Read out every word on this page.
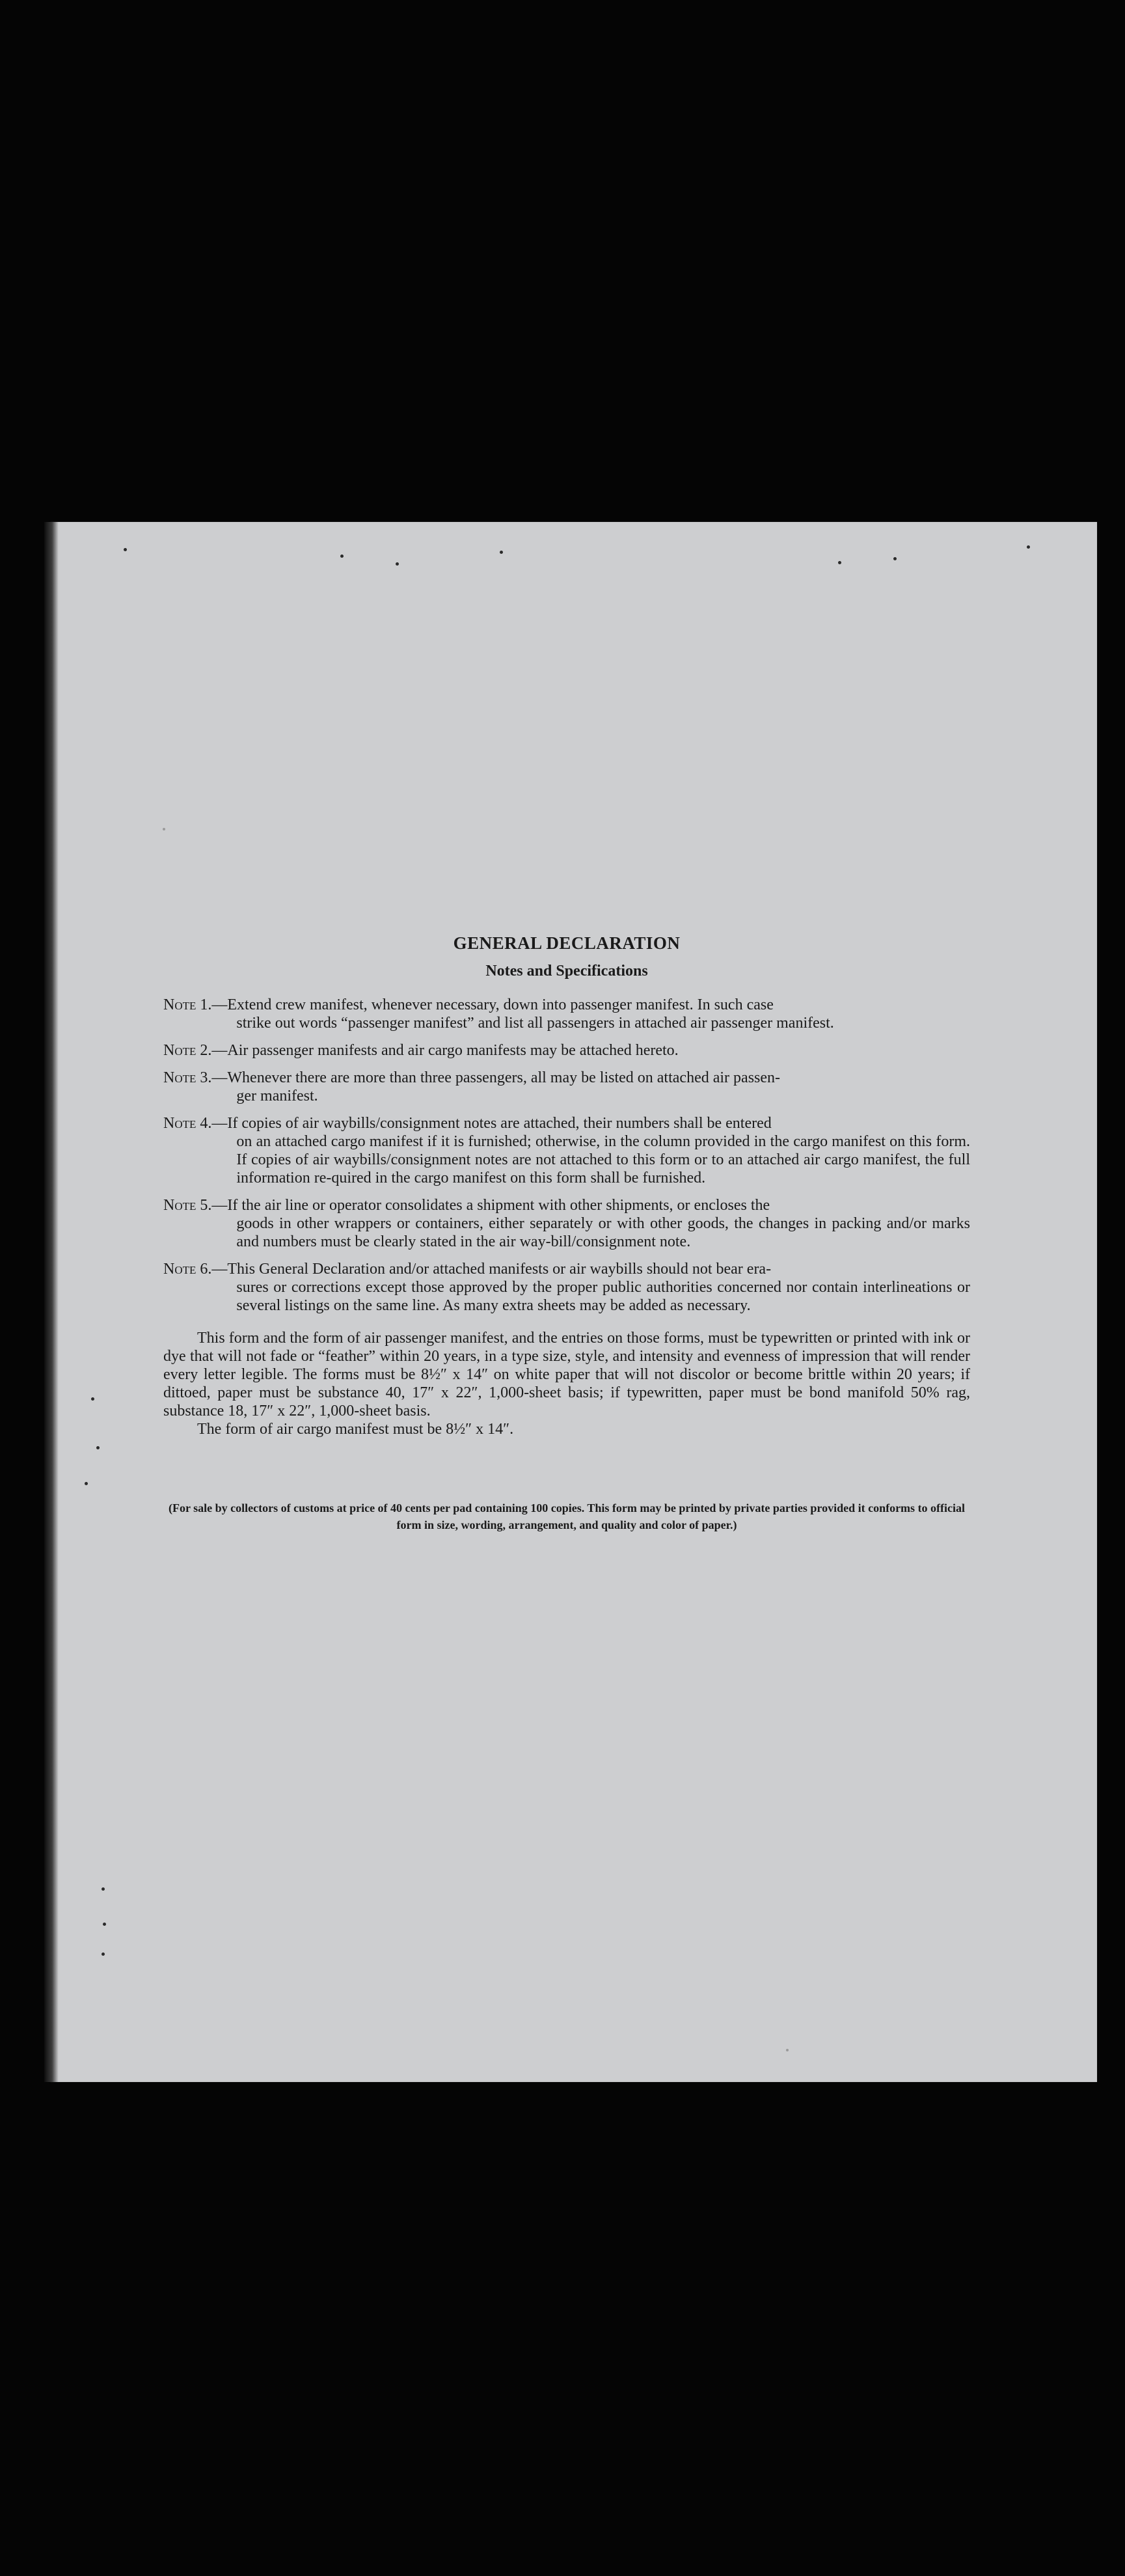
GENERAL DECLARATION
Notes and Specifications
Note 1. —Extend crew manifest, whenever necessary, down into passenger manifest. In such case
strike out words “passenger manifest” and list all passengers in attached air passenger manifest.
Note 2. —Air passenger manifests and air cargo manifests may be attached hereto.
Note 3. —Whenever there are more than three passengers, all may be listed on attached air passen-
ger manifest.
Note 4. —If copies of air waybills/consignment notes are attached, their numbers shall be entered
on an attached cargo manifest if it is furnished; otherwise, in the column provided in the cargo manifest on this form. If copies of air waybills/consignment notes are not attached to this form or to an attached air cargo manifest, the full information re-quired in the cargo manifest on this form shall be furnished.
Note 5. —If the air line or operator consolidates a shipment with other shipments, or encloses the
goods in other wrappers or containers, either separately or with other goods, the changes in packing and/or marks and numbers must be clearly stated in the air way-bill/consignment note.
Note 6. —This General Declaration and/or attached manifests or air waybills should not bear era-
sures or corrections except those approved by the proper public authorities concerned nor contain interlineations or several listings on the same line. As many extra sheets may be added as necessary.

This form and the form of air passenger manifest, and the entries on those forms, must be typewritten or printed with ink or dye that will not fade or “feather” within 20 years, in a type size, style, and intensity and evenness of impression that will render every letter legible. The forms must be 8½″ x 14″ on white paper that will not discolor or become brittle within 20 years; if dittoed, paper must be substance 40, 17″ x 22″, 1,000-sheet basis; if typewritten, paper must be bond manifold 50% rag, substance 18, 17″ x 22″, 1,000-sheet basis.

The form of air cargo manifest must be 8½″ x 14″.

(For sale by collectors of customs at price of 40 cents per pad containing 100 copies. This form may be printed by private parties provided it conforms to official form in size, wording, arrangement, and quality and color of paper.)
